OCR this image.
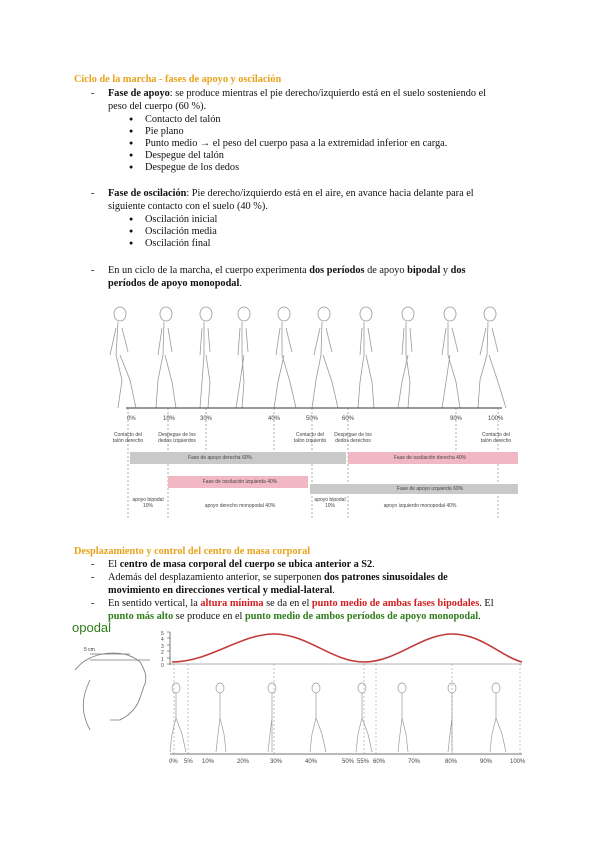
Ciclo de la marcha - fases de apoyo y oscilación
-	Fase de apoyo: se produce mientras el pie derecho/izquierdo está en el suelo sosteniendo el
peso del cuerpo (60 %).
● Contacto del talón
● Pie plano
● Punto medio → el peso del cuerpo pasa a la extremidad inferior en carga.
● Despegue del talón
● Despegue de los dedos
-	Fase de oscilación: Pie derecho/izquierdo está en el aire, en avance hacia delante para el
siguiente contacto con el suelo (40 %).
● Oscilación inicial
● Oscilación media
● Oscilación final
-	En un ciclo de la marcha, el cuerpo experimenta dos períodos de apoyo bipodal y dos
períodos de apoyo monopodal.
0%	10%	30%	40%	50%	60%	90%	100%
Contacto del talón derecho
Despegue de los dedos izquierdos
Contacto del talón izquierdo
Despegue de los dedos derechos
Contacto del talón derecho
Fase de apoyo derecha 60%	Fase de oscilación derecha 40%
Fase de oscilación izquierda 40%
Fase de apoyo izquierda 60%
apoyo bipodal 10%	apoyo derecho monopodal 40%
apoyo bipodal 10%	apoyo izquierdo monopodal 40%
Desplazamiento y control del centro de masa corporal
-	El centro de masa corporal del cuerpo se ubica anterior a S2.
-	Además del desplazamiento anterior, se superponen dos patrones sinusoidales de
movimiento en direcciones vertical y medial-lateral.
-	En sentido vertical, la altura mínima se da en el punto medio de ambas fases bipodales. El
punto más alto se produce en el punto medio de ambos períodos de apoyo monopodal.
opodal
5 cm
5
4
3
2
1
0
0% 5% 10%	20%	30%	40%	50% 55% 60%	70%	80%	90%	100%
